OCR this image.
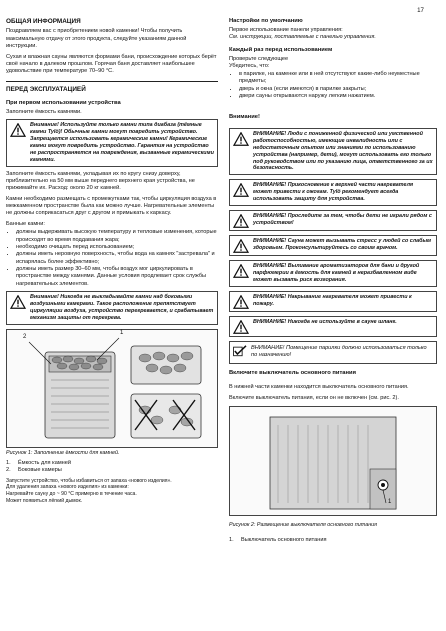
17
ОБЩАЯ ИНФОРМАЦИЯ

Поздравляем вас с приобретением новой каменки! Чтобы получить максимальную отдачу от этого продукта, следуйте указаниям данной инструкции.

Сухая и влажная сауны являются формами бани, происхождение которых берёт своё начало в далеком прошлом. Горячая баня доставляет наибольшее удовольствие при температуре 70–90 °C.

ПЕРЕД ЭКСПЛУАТАЦИЕЙ
При первом использовании устройства

Заполните ёмкость камнями.

Внимание! Используйте только камни типа диабаза (тёмные камни Tylö)! Обычные камни могут повредить устройство. Запрещается использовать керамические камни! Керамические камни могут повредить устройство. Гарантия на устройство не распространяется на повреждения, вызванные керамическими камнями.

Заполните ёмкость камнями, укладывая их по кругу снизу доверху, приблизительно на 50 мм выше переднего верхнего края устройства, не прижимайте их. Расход: около 20 кг камней.

Камни необходимо размещать с промежутками так, чтобы циркуляция воздуха в межкаменном пространстве была как можно лучше. Нагревательные элементы не должны соприкасаться друг с другом и примыкать к каркасу.

Банные камни:

• должны выдерживать высокую температуру и тепловые изменения, которые происходят во время поддавания жара;
• необходимо очищать перед использованием;
• должны иметь неровную поверхность, чтобы вода на камнях "застревала" и испарялась более эффективно;
• должны иметь размер 30–60 мм, чтобы воздух мог циркулировать в пространстве между камнями. Данные условия продлевает срок службы нагревательных элементов.
Внимание! Никогда не выкладывайте камни над боковыми воздушными камерами. Такое расположение препятствует циркуляции воздуха, устройство перегревается, и срабатывает механизм защиты от перегрева.
2
1
Рисунок 1: Заполнение ёмкости для камней.
1.	Ёмкость для камней
2.	Боковые камеры
Запустите устройство, чтобы избавиться от запаха «нового изделия».
Для удаления запаха «нового изделия» из каменки:
Нагревайте сауну до ~ 90 °C примерно в течение часа.
Может появиться лёгкий дымок.
Настройки по умолчанию

Первое использование панели управления:

См. инструкции, поставляемые с панелью управления.

Каждый раз перед использованием

Проверьте следующее

Убедитесь, что:

• в парилке, на каменке или в ней отсутствуют какие-либо неуместные предметы;
• дверь и окна (если имеются) в парилке закрыты;
• двери сауны открываются наружу легким нажатием.
Внимание!
ВНИМАНИЕ! Люди с пониженной физической или умственной работоспособностью, имеющие инвалидность или с недостаточным опытом или знаниями по использованию устройства (например, дети), могут использовать его только под руководством или по указанию лица, ответственного за их безопасность.
ВНИМАНИЕ! Прикосновение к верхней части нагревателя может привести к ожогам. Tylö рекомендует всегда использовать защиту для устройства.
ВНИМАНИЕ! Проследите за тем, чтобы дети не играли рядом с устройством!
ВНИМАНИЕ! Сауна может вызывать стресс у людей со слабым здоровьем. Проконсультируйтесь со своим врачом.
ВНИМАНИЕ! Выливание ароматизаторов для бани и другой парфюмерии в ёмкость для камней в неразбавленном виде может вызвать риск возгорания.
ВНИМАНИЕ! Накрывание нагревателя может привести к пожару.
ВНИМАНИЕ! Никогда не используйте в сауне шланг.
ВНИМАНИЕ! Помещение парилки должно использоваться только по назначению!
Включите выключатель основного питания

В нижней части каменки находится выключатель основного питания.

Включите выключатель питания, если он не включен (см. рис. 2).

1
Рисунок 2: Размещение выключателя основного питания
1.	Выключатель основного питания
